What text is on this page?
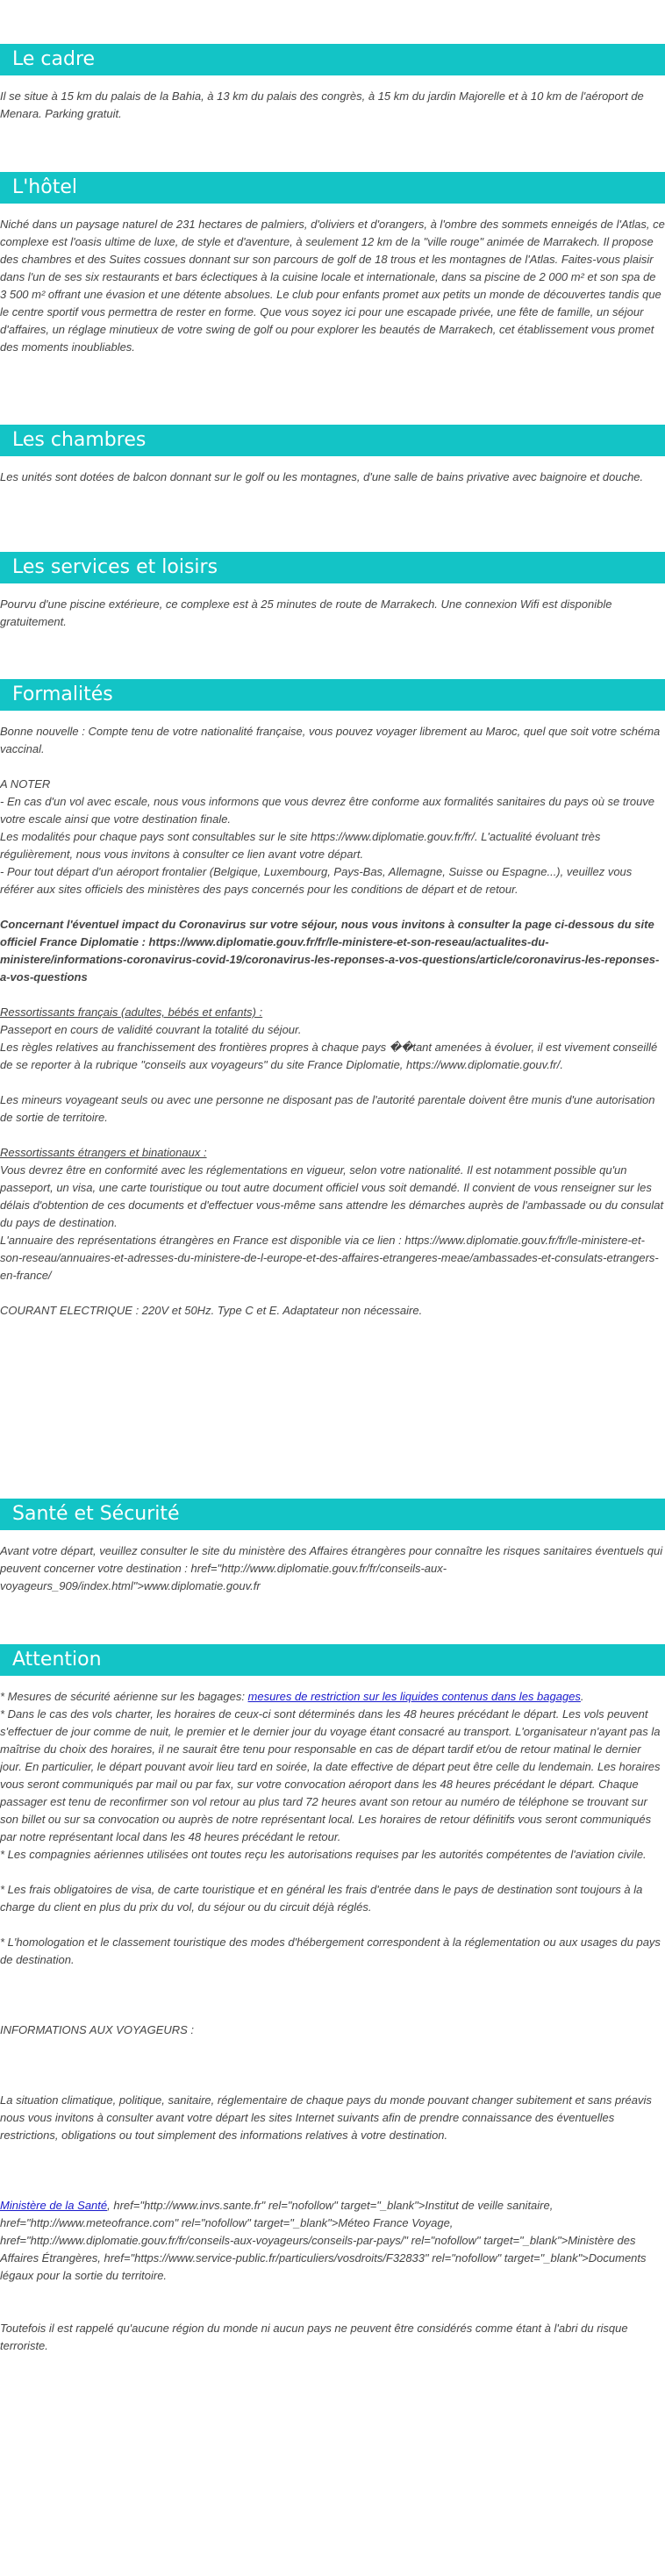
Le cadre

Il se situe à 15 km du palais de la Bahia, à 13 km du palais des congrès, à 15 km du jardin Majorelle et à 10 km de l'aéroport de Menara. Parking gratuit.

L'hôtel

Niché dans un paysage naturel de 231 hectares de palmiers, d'oliviers et d'orangers, à l'ombre des sommets enneigés de l'Atlas, ce complexe est l'oasis ultime de luxe, de style et d'aventure, à seulement 12 km de la "ville rouge" animée de Marrakech. Il propose des chambres et des Suites cossues donnant sur son parcours de golf de 18 trous et les montagnes de l'Atlas. Faites-vous plaisir dans l'un de ses six restaurants et bars éclectiques à la cuisine locale et internationale, dans sa piscine de 2 000 m² et son spa de 3 500 m² offrant une évasion et une détente absolues. Le club pour enfants promet aux petits un monde de découvertes tandis que le centre sportif vous permettra de rester en forme. Que vous soyez ici pour une escapade privée, une fête de famille, un séjour d'affaires, un réglage minutieux de votre swing de golf ou pour explorer les beautés de Marrakech, cet établissement vous promet des moments inoubliables.

Les chambres

Les unités sont dotées de balcon donnant sur le golf ou les montagnes, d'une salle de bains privative avec baignoire et douche.

Les services et loisirs

Pourvu d'une piscine extérieure, ce complexe est à 25 minutes de route de Marrakech. Une connexion Wifi est disponible gratuitement.

Formalités

Bonne nouvelle : Compte tenu de votre nationalité française, vous pouvez voyager librement au Maroc, quel que soit votre schéma vaccinal.

A NOTER

- En cas d'un vol avec escale, nous vous informons que vous devrez être conforme aux formalités sanitaires du pays où se trouve votre escale ainsi que votre destination finale.

Les modalités pour chaque pays sont consultables sur le site https://www.diplomatie.gouv.fr/fr/. L'actualité évoluant très régulièrement, nous vous invitons à consulter ce lien avant votre départ.

- Pour tout départ d'un aéroport frontalier (Belgique, Luxembourg, Pays-Bas, Allemagne, Suisse ou Espagne...), veuillez vous référer aux sites officiels des ministères des pays concernés pour les conditions de départ et de retour.

Concernant l'éventuel impact du Coronavirus sur votre séjour, nous vous invitons à consulter la page ci-dessous du site officiel France Diplomatie : https://www.diplomatie.gouv.fr/fr/le-ministere-et-son-reseau/actualites-du-ministere/informations-coronavirus-covid-19/coronavirus-les-reponses-a-vos-questions/article/coronavirus-les-reponses-a-vos-questions

Ressortissants français (adultes, bébés et enfants) :

Passeport en cours de validité couvrant la totalité du séjour.

Les règles relatives au franchissement des frontières propres à chaque pays ��tant amenées à évoluer, il est vivement conseillé de se reporter à la rubrique "conseils aux voyageurs" du site France Diplomatie, https://www.diplomatie.gouv.fr/.

Les mineurs voyageant seuls ou avec une personne ne disposant pas de l'autorité parentale doivent être munis d'une autorisation de sortie de territoire.

Ressortissants étrangers et binationaux :

Vous devrez être en conformité avec les réglementations en vigueur, selon votre nationalité. Il est notamment possible qu'un passeport, un visa, une carte touristique ou tout autre document officiel vous soit demandé. Il convient de vous renseigner sur les délais d'obtention de ces documents et d'effectuer vous-même sans attendre les démarches auprès de l'ambassade ou du consulat du pays de destination.

L'annuaire des représentations étrangères en France est disponible via ce lien : https://www.diplomatie.gouv.fr/fr/le-ministere-et-son-reseau/annuaires-et-adresses-du-ministere-de-l-europe-et-des-affaires-etrangeres-meae/ambassades-et-consulats-etrangers-en-france/

COURANT ELECTRIQUE : 220V et 50Hz. Type C et E. Adaptateur non nécessaire.

Santé et Sécurité

Avant votre départ, veuillez consulter le site du ministère des Affaires étrangères pour connaître les risques sanitaires éventuels qui peuvent concerner votre destination : href="http://www.diplomatie.gouv.fr/fr/conseils-aux-voyageurs_909/index.html">www.diplomatie.gouv.fr

Attention

* Mesures de sécurité aérienne sur les bagages: mesures de restriction sur les liquides contenus dans les bagages.

* Dans le cas des vols charter, les horaires de ceux-ci sont déterminés dans les 48 heures précédant le départ. Les vols peuvent s'effectuer de jour comme de nuit, le premier et le dernier jour du voyage étant consacré au transport. L'organisateur n'ayant pas la maîtrise du choix des horaires, il ne saurait être tenu pour responsable en cas de départ tardif et/ou de retour matinal le dernier jour. En particulier, le départ pouvant avoir lieu tard en soirée, la date effective de départ peut être celle du lendemain. Les horaires vous seront communiqués par mail ou par fax, sur votre convocation aéroport dans les 48 heures précédant le départ. Chaque passager est tenu de reconfirmer son vol retour au plus tard 72 heures avant son retour au numéro de téléphone se trouvant sur son billet ou sur sa convocation ou auprès de notre représentant local. Les horaires de retour définitifs vous seront communiqués par notre représentant local dans les 48 heures précédant le retour.

* Les compagnies aériennes utilisées ont toutes reçu les autorisations requises par les autorités compétentes de l'aviation civile.

* Les frais obligatoires de visa, de carte touristique et en général les frais d'entrée dans le pays de destination sont toujours à la charge du client en plus du prix du vol, du séjour ou du circuit déjà réglés.

* L'homologation et le classement touristique des modes d'hébergement correspondent à la réglementation ou aux usages du pays de destination.

INFORMATIONS AUX VOYAGEURS :

La situation climatique, politique, sanitaire, réglementaire de chaque pays du monde pouvant changer subitement et sans préavis

nous vous invitons à consulter avant votre départ les sites Internet suivants afin de prendre connaissance des éventuelles restrictions, obligations ou tout simplement des informations relatives à votre destination.

Ministère de la Santé, href="http://www.invs.sante.fr" rel="nofollow" target="_blank">Institut de veille sanitaire, href="http://www.meteofrance.com" rel="nofollow" target="_blank">Méteo France Voyage, href="http://www.diplomatie.gouv.fr/fr/conseils-aux-voyageurs/conseils-par-pays/" rel="nofollow" target="_blank">Ministère des Affaires Étrangères, href="https://www.service-public.fr/particuliers/vosdroits/F32833" rel="nofollow" target="_blank">Documents légaux pour la sortie du territoire.

Toutefois il est rappelé qu'aucune région du monde ni aucun pays ne peuvent être considérés comme étant à l'abri du risque terroriste.
